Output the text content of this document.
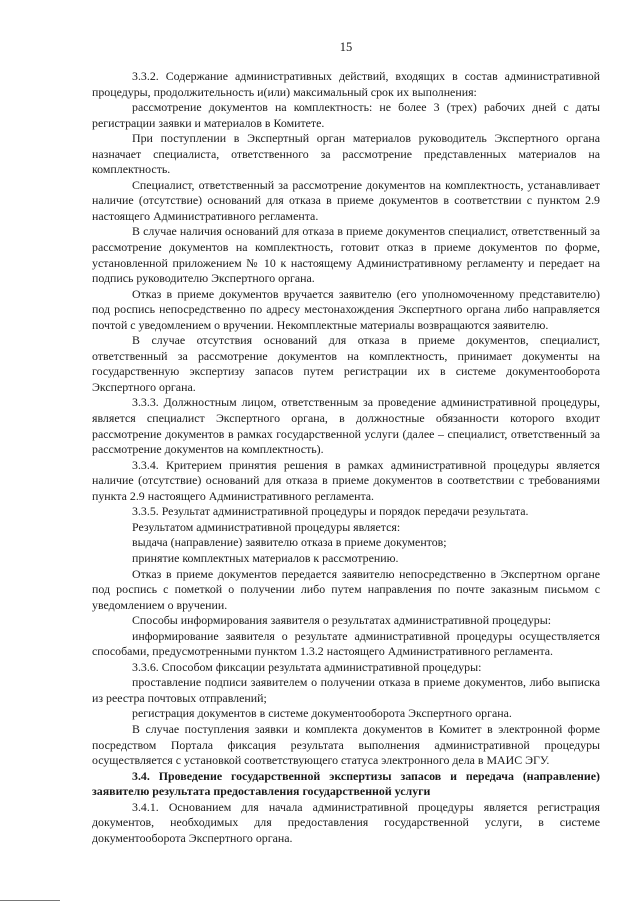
15

3.3.2. Содержание административных действий, входящих в состав административной процедуры, продолжительность и(или) максимальный срок их выполнения:

рассмотрение документов на комплектность: не более 3 (трех) рабочих дней с даты регистрации заявки и материалов в Комитете.

При поступлении в Экспертный орган материалов руководитель Экспертного органа назначает специалиста, ответственного за рассмотрение представленных материалов на комплектность.

Специалист, ответственный за рассмотрение документов на комплектность, устанавливает наличие (отсутствие) оснований для отказа в приеме документов в соответствии с пунктом 2.9 настоящего Административного регламента.

В случае наличия оснований для отказа в приеме документов специалист, ответственный за рассмотрение документов на комплектность, готовит отказ в приеме документов по форме, установленной приложением № 10 к настоящему Административному регламенту и передает на подпись руководителю Экспертного органа.

Отказ в приеме документов вручается заявителю (его уполномоченному представителю) под роспись непосредственно по адресу местонахождения Экспертного органа либо направляется почтой с уведомлением о вручении. Некомплектные материалы возвращаются заявителю.

В случае отсутствия оснований для отказа в приеме документов, специалист, ответственный за рассмотрение документов на комплектность, принимает документы на государственную экспертизу запасов путем регистрации их в системе документооборота Экспертного органа.

3.3.3. Должностным лицом, ответственным за проведение административной процедуры, является специалист Экспертного органа, в должностные обязанности которого входит рассмотрение документов в рамках государственной услуги (далее – специалист, ответственный за рассмотрение документов на комплектность).

3.3.4. Критерием принятия решения в рамках административной процедуры является наличие (отсутствие) оснований для отказа в приеме документов в соответствии с требованиями пункта 2.9 настоящего Административного регламента.

3.3.5. Результат административной процедуры и порядок передачи результата.

Результатом административной процедуры является:

выдача (направление) заявителю отказа в приеме документов;

принятие комплектных материалов к рассмотрению.

Отказ в приеме документов передается заявителю непосредственно в Экспертном органе под роспись с пометкой о получении либо путем направления по почте заказным письмом с уведомлением о вручении.

Способы информирования заявителя о результатах административной процедуры:

информирование заявителя о результате административной процедуры осуществляется способами, предусмотренными пунктом 1.3.2 настоящего Административного регламента.

3.3.6. Способом фиксации результата административной процедуры:

проставление подписи заявителем о получении отказа в приеме документов, либо выписка из реестра почтовых отправлений;

регистрация документов в системе документооборота Экспертного органа.

В случае поступления заявки и комплекта документов в Комитет в электронной форме посредством Портала фиксация результата выполнения административной процедуры осуществляется с установкой соответствующего статуса электронного дела в МАИС ЭГУ.

3.4. Проведение государственной экспертизы запасов и передача (направление) заявителю результата предоставления государственной услуги

3.4.1. Основанием для начала административной процедуры является регистрация документов, необходимых для предоставления государственной услуги, в системе документооборота Экспертного органа.
